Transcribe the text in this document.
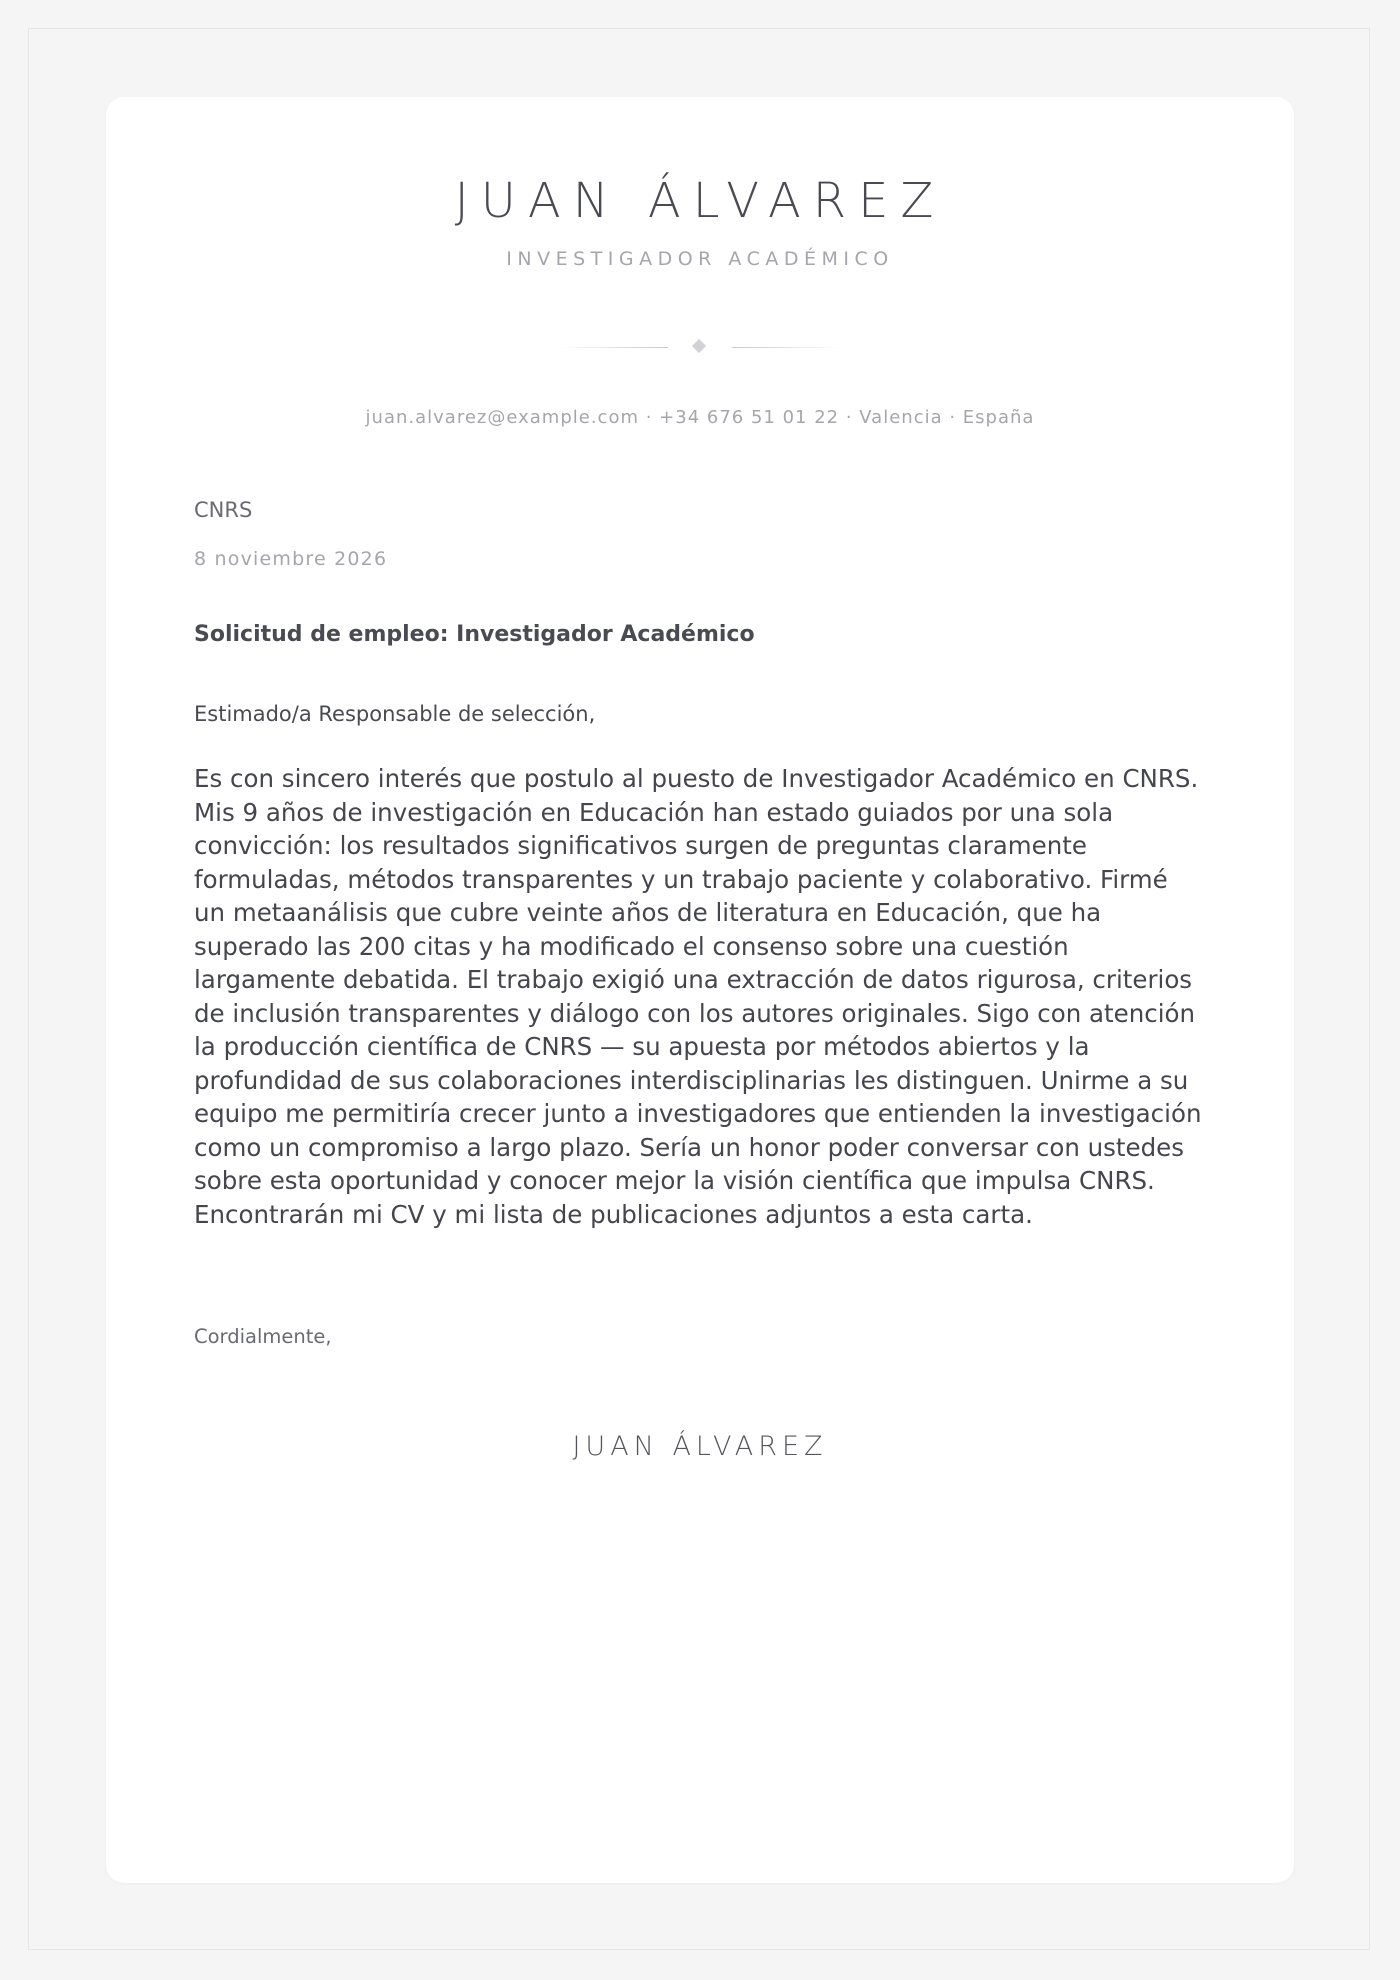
JUAN ÁLVAREZ
INVESTIGADOR ACADÉMICO
juan.alvarez@example.com · +34 676 51 01 22 · Valencia · España
CNRS
8 noviembre 2026
Solicitud de empleo: Investigador Académico
Estimado/a Responsable de selección,

Es con sincero interés que postulo al puesto de Investigador Académico en CNRS. Mis 9 años de investigación en Educación han estado guiados por una sola convicción: los resultados significativos surgen de preguntas claramente formuladas, métodos transparentes y un trabajo paciente y colaborativo. Firmé un metaanálisis que cubre veinte años de literatura en Educación, que ha superado las 200 citas y ha modificado el consenso sobre una cuestión largamente debatida. El trabajo exigió una extracción de datos rigurosa, criterios de inclusión transparentes y diálogo con los autores originales. Sigo con atención la producción científica de CNRS — su apuesta por métodos abiertos y la profundidad de sus colaboraciones interdisciplinarias les distinguen. Unirme a su equipo me permitiría crecer junto a investigadores que entienden la investigación como un compromiso a largo plazo. Sería un honor poder conversar con ustedes sobre esta oportunidad y conocer mejor la visión científica que impulsa CNRS. Encontrarán mi CV y mi lista de publicaciones adjuntos a esta carta.

Cordialmente,
JUAN ÁLVAREZ
